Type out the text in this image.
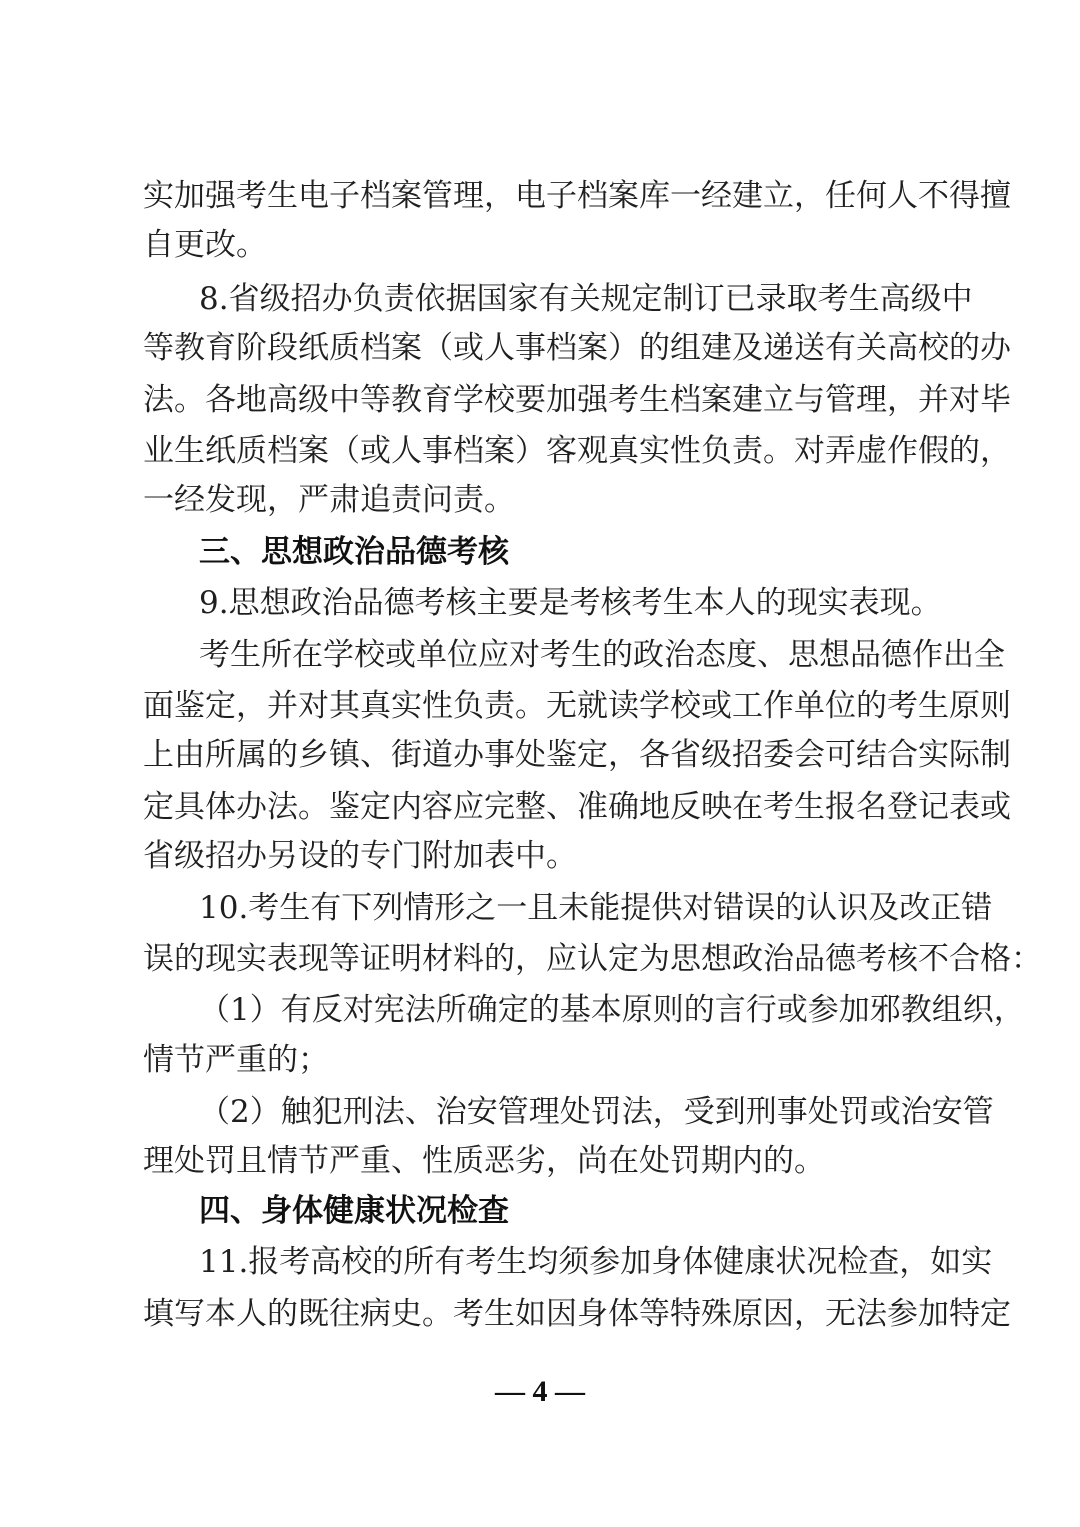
实加强考生电子档案管理，电子档案库一经建立，任何人不得擅
自更改。
8.省级招办负责依据国家有关规定制订已录取考生高级中
等教育阶段纸质档案（或人事档案）的组建及递送有关高校的办
法。各地高级中等教育学校要加强考生档案建立与管理，并对毕
业生纸质档案（或人事档案）客观真实性负责。对弄虚作假的，
一经发现，严肃追责问责。
三、思想政治品德考核
9.思想政治品德考核主要是考核考生本人的现实表现。
考生所在学校或单位应对考生的政治态度、思想品德作出全
面鉴定，并对其真实性负责。无就读学校或工作单位的考生原则
上由所属的乡镇、街道办事处鉴定，各省级招委会可结合实际制
定具体办法。鉴定内容应完整、准确地反映在考生报名登记表或
省级招办另设的专门附加表中。
10.考生有下列情形之一且未能提供对错误的认识及改正错
误的现实表现等证明材料的，应认定为思想政治品德考核不合格：
（1）有反对宪法所确定的基本原则的言行或参加邪教组织，
情节严重的；
（2）触犯刑法、治安管理处罚法，受到刑事处罚或治安管
理处罚且情节严重、性质恶劣，尚在处罚期内的。
四、身体健康状况检查
11.报考高校的所有考生均须参加身体健康状况检查，如实
填写本人的既往病史。考生如因身体等特殊原因，无法参加特定
— 4 —
